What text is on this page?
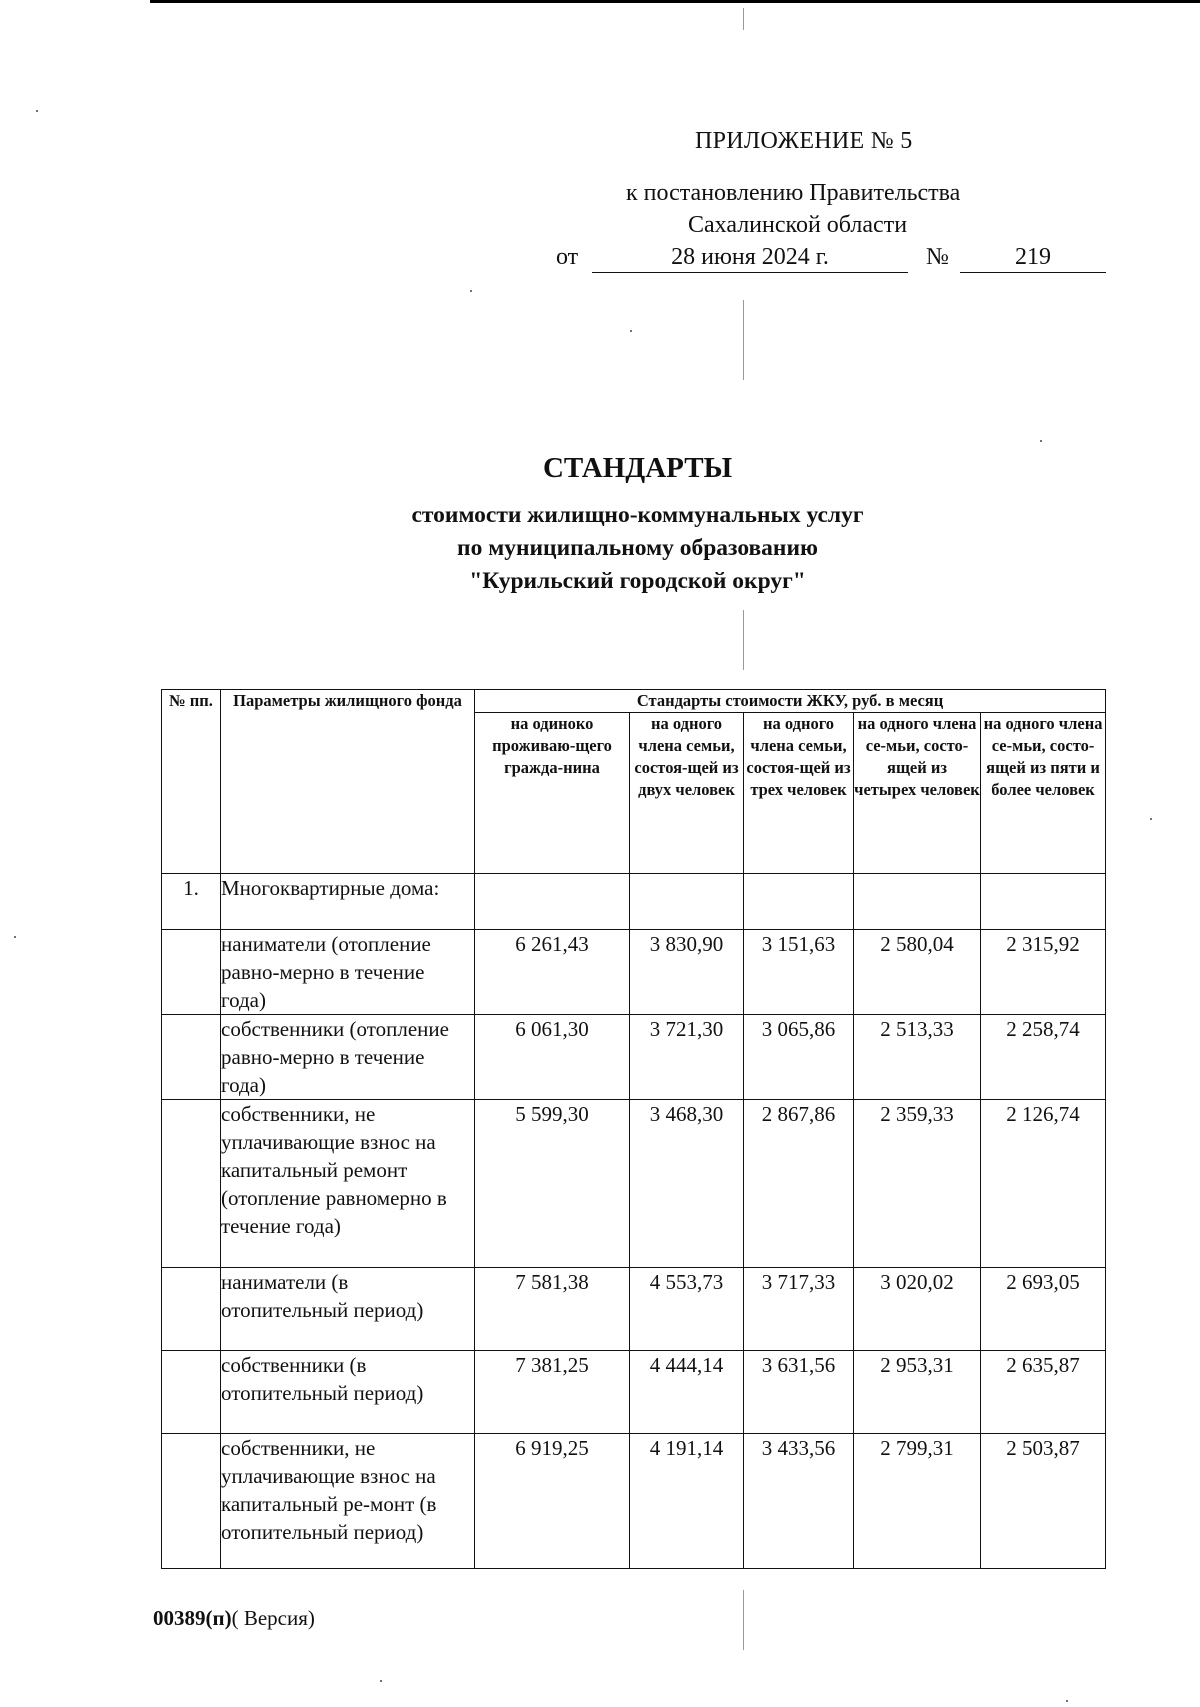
ПРИЛОЖЕНИЕ № 5
к постановлению Правительства
Сахалинской области
от	28 июня 2024 г.	№	219
СТАНДАРТЫ
стоимости жилищно-коммунальных услуг
по муниципальному образованию
"Курильский городской округ"
№ пп.	Параметры жилищного фонда	Стандарты стоимости ЖКУ, руб. в месяц				
		на одиноко проживаю-щего гражда-нина	на одного члена семьи, состоя-щей из двух человек	на одного члена семьи, состоя-щей из трех человек	на одного члена се-мьи, состо-ящей из четырех человек	на одного члена се-мьи, состо-ящей из пяти и более человек
1.	Многоквартирные дома:					
	наниматели (отопление равно-мерно в течение года)	6 261,43	3 830,90	3 151,63	2 580,04	2 315,92
	собственники (отопление равно-мерно в течение года)	6 061,30	3 721,30	3 065,86	2 513,33	2 258,74
	собственники, не уплачивающие взнос на капитальный ремонт (отопление равномерно в течение года)	5 599,30	3 468,30	2 867,86	2 359,33	2 126,74
	наниматели (в отопительный период)	7 581,38	4 553,73	3 717,33	3 020,02	2 693,05
	собственники (в отопительный период)	7 381,25	4 444,14	3 631,56	2 953,31	2 635,87
	собственники, не уплачивающие взнос на капитальный ре-монт (в отопительный период)	6 919,25	4 191,14	3 433,56	2 799,31	2 503,87
00389(п)( Версия)
